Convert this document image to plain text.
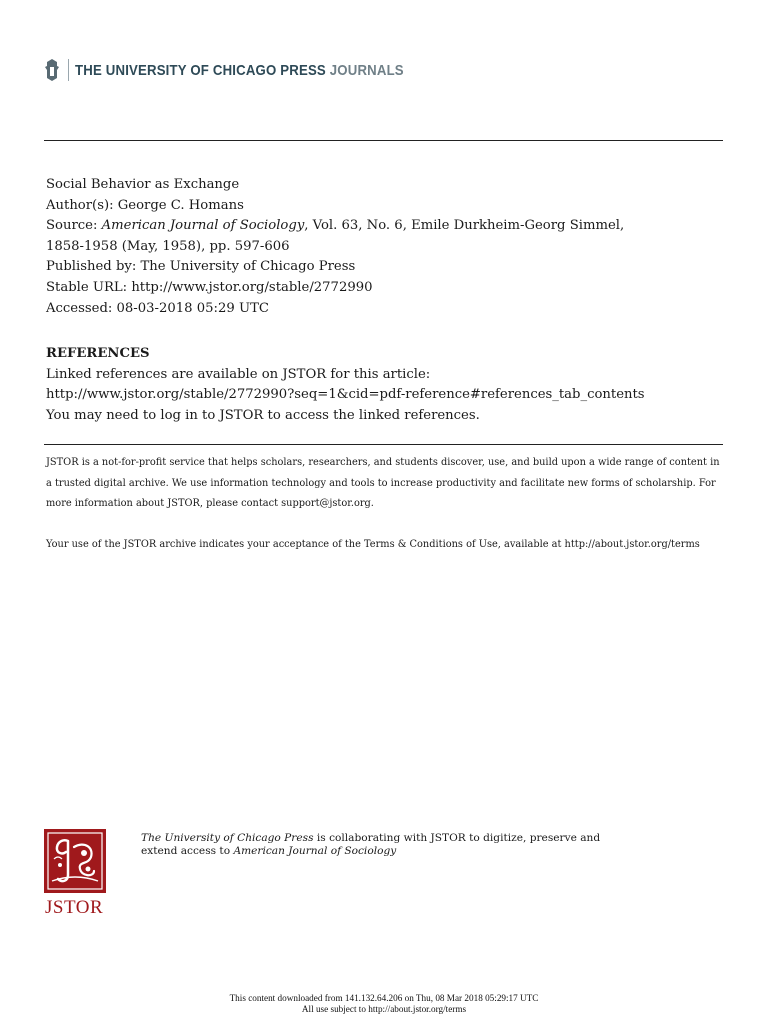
THE UNIVERSITY OF CHICAGO PRESS JOURNALS
Social Behavior as Exchange
Author(s): George C. Homans
Source: American Journal of Sociology, Vol. 63, No. 6, Emile Durkheim-Georg Simmel,
1858-1958 (May, 1958), pp. 597-606
Published by: The University of Chicago Press
Stable URL: http://www.jstor.org/stable/2772990
Accessed: 08-03-2018 05:29 UTC
REFERENCES
Linked references are available on JSTOR for this article:
http://www.jstor.org/stable/2772990?seq=1&cid=pdf-reference#references_tab_contents
You may need to log in to JSTOR to access the linked references.

JSTOR is a not-for-profit service that helps scholars, researchers, and students discover, use, and build upon a wide range of content in a trusted digital archive. We use information technology and tools to increase productivity and facilitate new forms of scholarship. For more information about JSTOR, please contact support@jstor.org.

Your use of the JSTOR archive indicates your acceptance of the Terms & Conditions of Use, available at http://about.jstor.org/terms

JSTOR
The University of Chicago Press is collaborating with JSTOR to digitize, preserve and
extend access to American Journal of Sociology
This content downloaded from 141.132.64.206 on Thu, 08 Mar 2018 05:29:17 UTC
All use subject to http://about.jstor.org/terms
